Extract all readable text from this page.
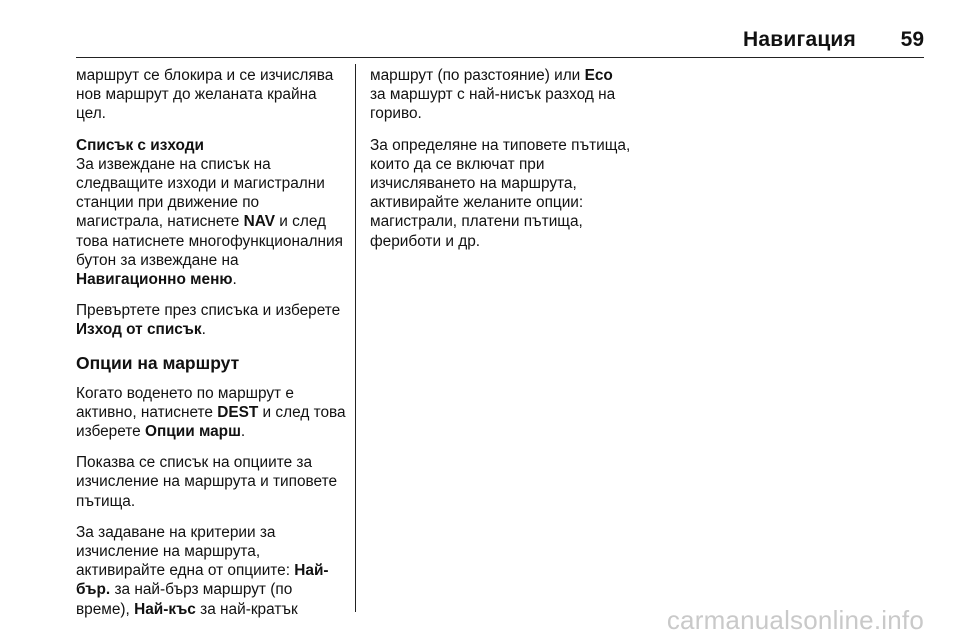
Навигация 59

маршрут се блокира и се изчислява нов маршрут до желаната крайна цел.

Списък с изходи

За извеждане на списък на следващите изходи и магистрални станции при движение по магистрала, натиснете NAV и след това натиснете многофункционалния бутон за извеждане на Навигационно меню.

Превъртете през списъка и изберете Изход от списък.

Опции на маршрут

Когато воденето по маршрут е активно, натиснете DEST и след това изберете Опции марш.

Показва се списък на опциите за изчисление на маршрута и типовете пътища.

За задаване на критерии за изчисление на маршрута, активирайте една от опциите: Най-бър. за най-бърз маршрут (по време), Най-къс за най-кратък

маршрут (по разстояние) или Eco за маршурт с най-нисък разход на гориво.

За определяне на типовете пътища, които да се включат при изчисляването на маршрута, активирайте желаните опции: магистрали, платени пътища, фериботи и др.

carmanualsonline.info
